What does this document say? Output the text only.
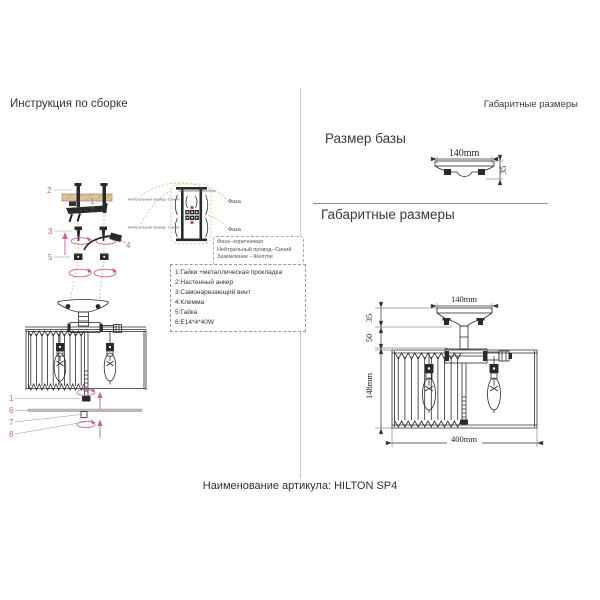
Инструкция по сборке	Габаритные размеры
Размер базы
Габаритные размеры
Фаза--коричневая
Нейтральный провод--Синий
Заземление --Желтое
1:Гайки +металлическая прокладка
2:Настенный анкер
3:Самонарезающий винт
4:Клемма
5:Гайка
6:E14*4*40W
Наименование артикула: HILTON SP4
2
1
3
4
5
1
6
7
8
Заземление--Желтое
Нейтральный провод--Синий
Нейтральный провод--Синий
Фаза
Фаза
140mm
35
140mm
35
50
148mm
400mm
